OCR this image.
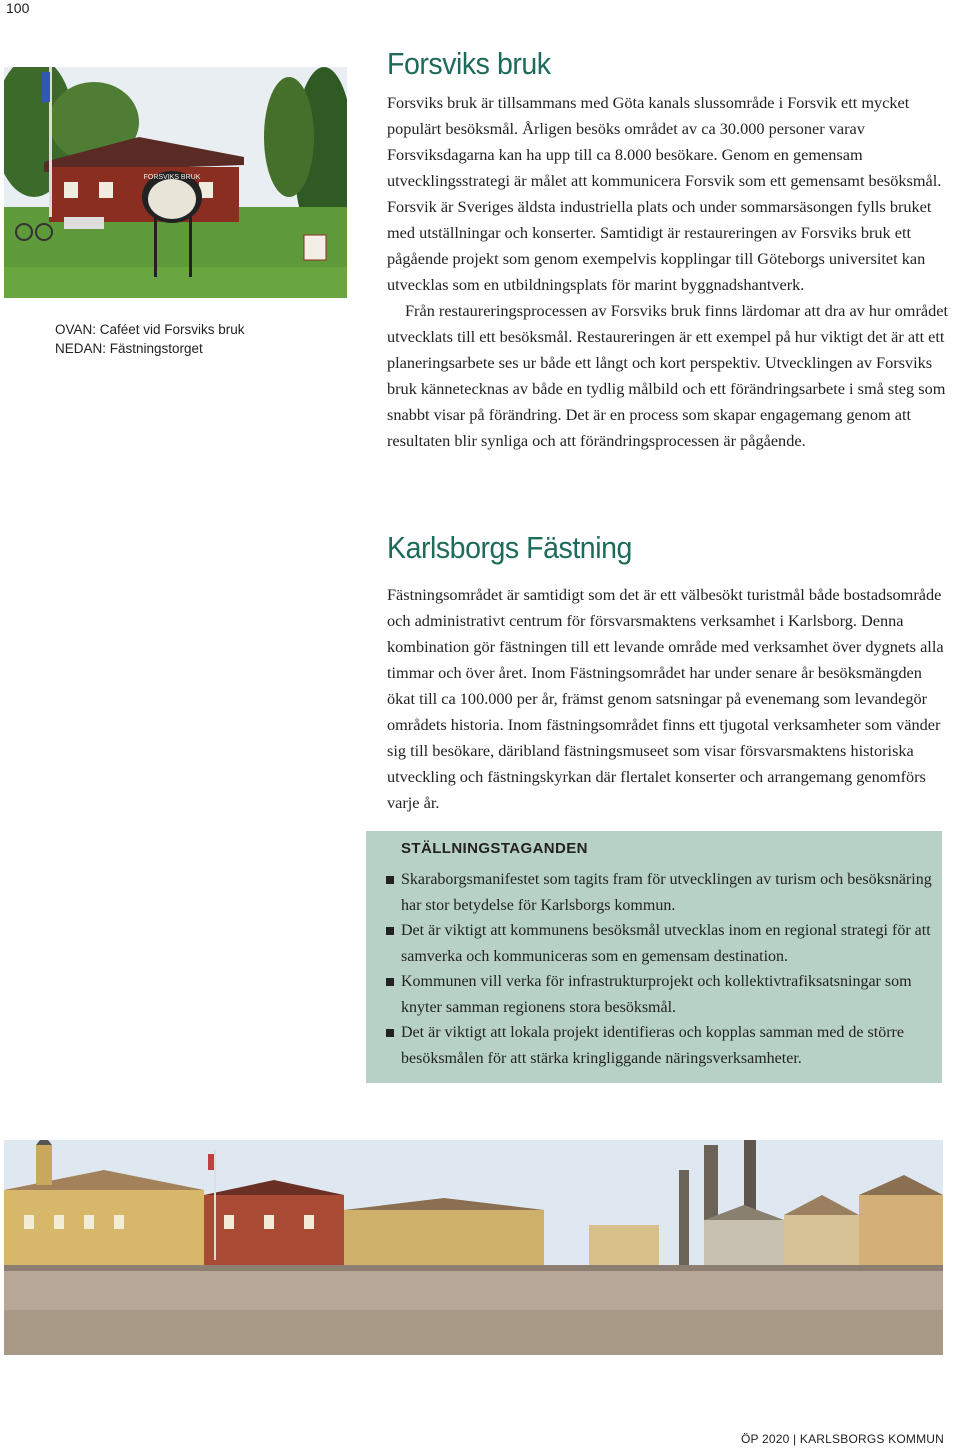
100
FORSVIKS BRUK
OVAN: Caféet vid Forsviks bruk
NEDAN: Fästningstorget
Forsviks bruk

Forsviks bruk är tillsammans med Göta kanals slussområde i Forsvik ett mycket populärt besöksmål. Årligen besöks området av ca 30.000 personer varav Forsviksdagarna kan ha upp till ca 8.000 besökare. Genom en gemensam utvecklingsstrategi är målet att kommunicera Forsvik som ett gemensamt besöksmål. Forsvik är Sveriges äldsta industriella plats och under sommarsäsongen fylls bruket med utställningar och konserter. Samtidigt är restaureringen av Forsviks bruk ett pågående projekt som genom exempelvis kopplingar till Göteborgs universitet kan utvecklas som en utbildningsplats för marint byggnadshantverk.

Från restaureringsprocessen av Forsviks bruk finns lärdomar att dra av hur området utvecklats till ett besöksmål. Restaureringen är ett exempel på hur viktigt det är att ett planeringsarbete ses ur både ett långt och kort perspektiv. Utvecklingen av Forsviks bruk kännetecknas av både en tydlig målbild och ett förändringsarbete i små steg som snabbt visar på förändring. Det är en process som skapar engagemang genom att resultaten blir synliga och att förändringsprocessen är pågående.

Karlsborgs Fästning

Fästningsområdet är samtidigt som det är ett välbesökt turistmål både bostadsområde och administrativt centrum för försvarsmaktens verksamhet i Karlsborg. Denna kombination gör fästningen till ett levande område med verksamhet över dygnets alla timmar och över året. Inom Fästningsområdet har under senare år besöksmängden ökat till ca 100.000 per år, främst genom satsningar på evenemang som levandegör områdets historia. Inom fästningsområdet finns ett tjugotal verksamheter som vänder sig till besökare, däribland fästningsmuseet som visar försvarsmaktens historiska utveckling och fästningskyrkan där flertalet konserter och arrangemang genomförs varje år.

STÄLLNINGSTAGANDEN
Skaraborgsmanifestet som tagits fram för utvecklingen av turism och besöksnäring har stor betydelse för Karlsborgs kommun.
Det är viktigt att kommunens besöksmål utvecklas inom en regional strategi för att samverka och kommuniceras som en gemensam destination.
Kommunen vill verka för infrastrukturprojekt och kollektivtrafiksatsningar som knyter samman regionens stora besöksmål.
Det är viktigt att lokala projekt identifieras och kopplas samman med de större besöksmålen för att stärka kringliggande näringsverksamheter.
ÖP 2020 | KARLSBORGS KOMMUN
